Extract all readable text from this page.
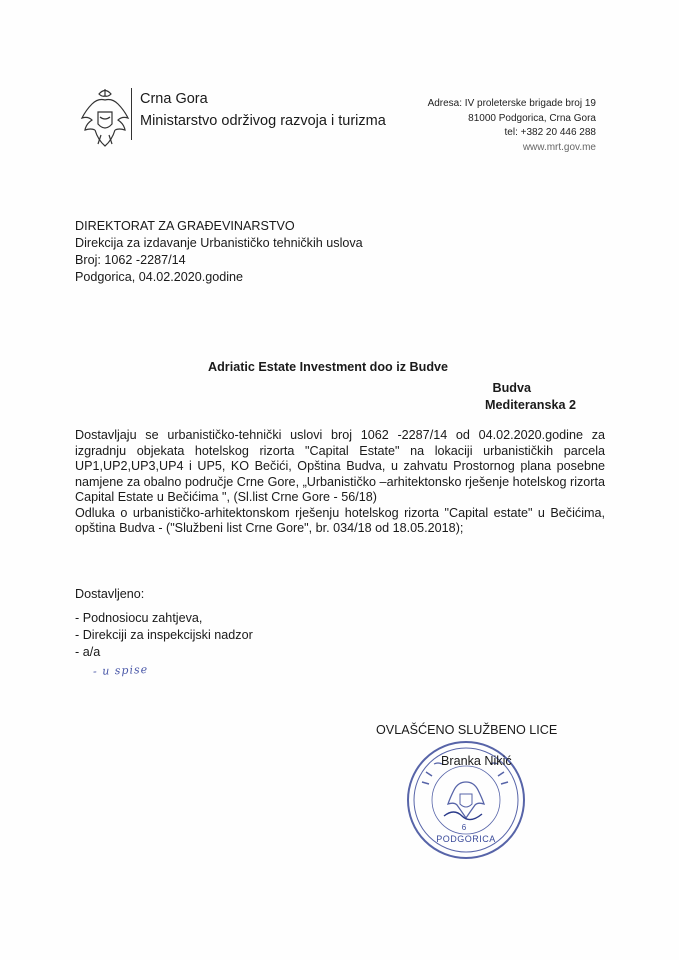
Crna Gora
Ministarstvo održivog razvoja i turizma
Adresa: IV proleterske brigade broj 19
81000 Podgorica, Crna Gora
tel: +382 20 446 288
www.mrt.gov.me
DIREKTORAT ZA GRAĐEVINARSTVO
Direkcija za izdavanje Urbanističko tehničkih uslova
Broj: 1062 -2287/14
Podgorica, 04.02.2020.godine
Adriatic Estate Investment doo iz Budve
Budva
Mediteranska 2

Dostavljaju se urbanističko-tehnički uslovi broj 1062 -2287/14 od 04.02.2020.godine za izgradnju objekata hotelskog rizorta "Capital Estate" na lokaciji urbanističkih parcela UP1,UP2,UP3,UP4 i UP5, KO Bečići, Opština Budva, u zahvatu Prostornog plana posebne namjene za obalno područje Crne Gore, „Urbanističko –arhitektonsko rješenje hotelskog rizorta Capital Estate u Bečićima ", (Sl.list Crne Gore - 56/18)

Odluka o urbanističko-arhitektonskom rješenju hotelskog rizorta "Capital estate" u Bečićima, opština Budva - ("Službeni list Crne Gore", br. 034/18 od 18.05.2018);

Dostavljeno:
- Podnosiocu zahtjeva,
- Direkciji za inspekcijski nadzor
- a/a
- u spise
OVLAŠĆENO SLUŽBENO LICE
6
PODGORICA
Branka Nikić
